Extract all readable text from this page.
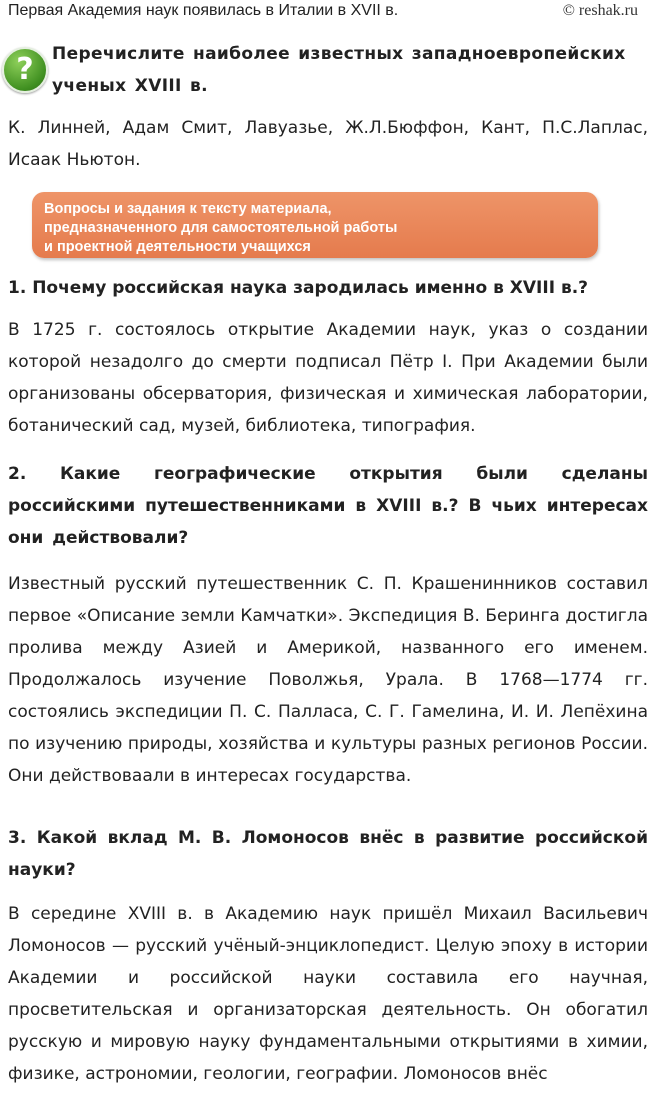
Первая Академия наук появилась в Италии в XVII в.	© reshak.ru
?	Перечислите наиболее известных западноевропейских ученых XVIII в.

К. Линней, Адам Смит, Лавуазье, Ж.Л.Бюффон, Кант, П.С.Лаплас, Исаак Ньютон.

Вопросы и задания к тексту материала,
предназначенного для самостоятельной работы
и проектной деятельности учащихся

1. Почему российская наука зародилась именно в XVIII в.?

В 1725 г. состоялось открытие Академии наук, указ о создании которой незадолго до смерти подписал Пётр I. При Академии были организованы обсерватория, физическая и химическая лаборатории, ботанический сад, музей, библиотека, типография.

2. Какие географические открытия были сделаны российскими путешественниками в XVIII в.? В чьих интересах они действовали?

Известный русский путешественник С. П. Крашенинников составил первое «Описание земли Камчатки». Экспедиция В. Беринга достигла пролива между Азией и Америкой, названного его именем. Продолжалось изучение Поволжья, Урала. В 1768—1774 гг. состоялись экспедиции П. С. Палласа, С. Г. Гамелина, И. И. Лепёхина по изучению природы, хозяйства и культуры разных регионов России. Они действоваали в интересах государства.

3. Какой вклад М. В. Ломоносов внёс в развитие российской науки?

В середине XVIII в. в Академию наук пришёл Михаил Васильевич Ломоносов — русский учёный-энциклопедист. Целую эпоху в истории Академии и российской науки составила его научная, просветительская и организаторская деятельность. Он обогатил русскую и мировую науку фундаментальными открытиями в химии, физике, астрономии, геологии, географии. Ломоносов внёс
